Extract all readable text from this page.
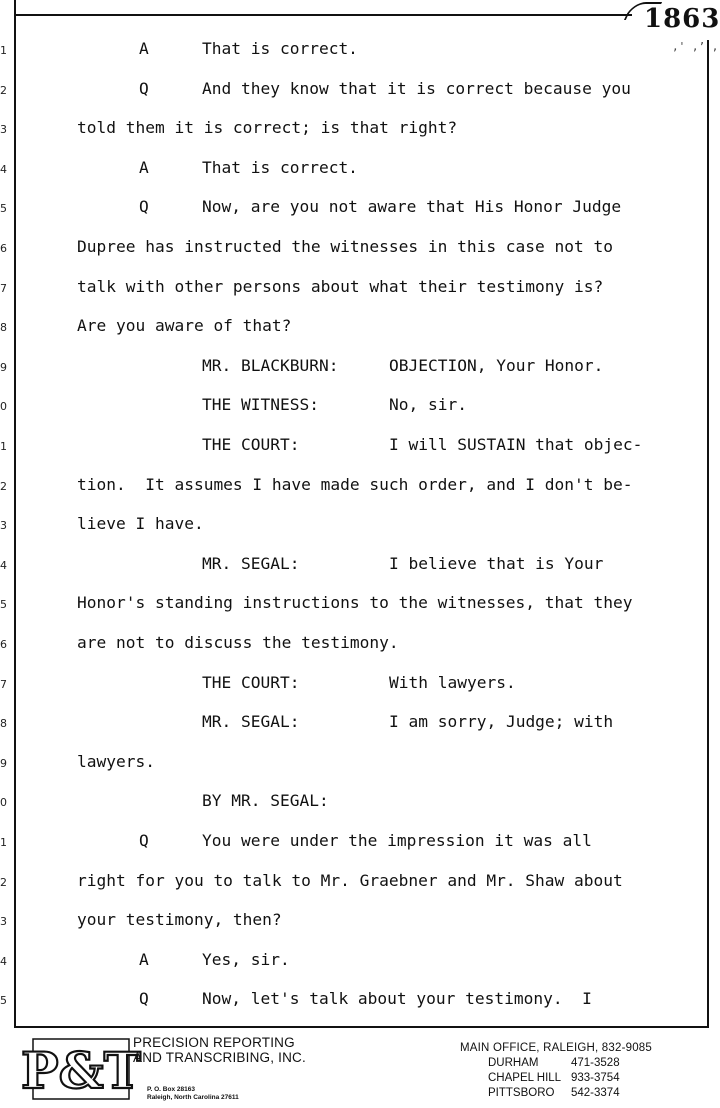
1863
,' ,’ ,
1
2
3
4
5
6
7
8
9
0
1
2
3
4
5
6
7
8
9
0
1
2
3
4
5
A	That is correct.
Q	And they know that it is correct because you
told them it is correct; is that right?
A	That is correct.
Q	Now, are you not aware that His Honor Judge
Dupree has instructed the witnesses in this case not to
talk with other persons about what their testimony is?
Are you aware of that?
MR. BLACKBURN:	OBJECTION, Your Honor.
THE WITNESS:	No, sir.
THE COURT:	I will SUSTAIN that objec-
tion.  It assumes I have made such order, and I don't be-
lieve I have.
MR. SEGAL:	I believe that is Your
Honor's standing instructions to the witnesses, that they
are not to discuss the testimony.
THE COURT:	With lawyers.
MR. SEGAL:	I am sorry, Judge; with
lawyers.
BY MR. SEGAL:
Q	You were under the impression it was all
right for you to talk to Mr. Graebner and Mr. Shaw about
your testimony, then?
A	Yes, sir.
Q	Now, let's talk about your testimony.  I
P&T
PRECISION REPORTING
AND TRANSCRIBING, INC.
P. O. Box 28163
Raleigh, North Carolina 27611
MAIN OFFICE, RALEIGH, 832-9085
DURHAM	471-3528
CHAPEL HILL 933-3754
PITTSBORO 542-3374
